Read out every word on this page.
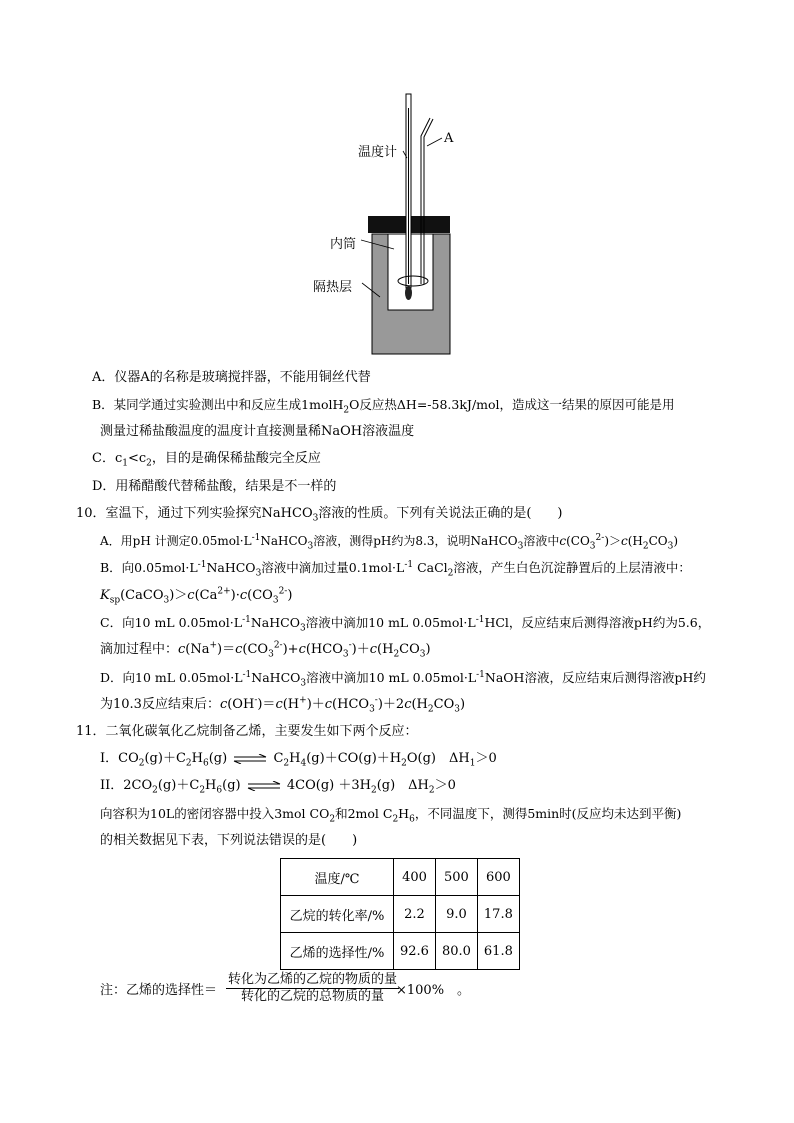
温度计
A
内筒
隔热层
A．仪器A的名称是玻璃搅拌器，不能用铜丝代替
B．某同学通过实验测出中和反应生成1molH$_2$O反应热ΔH=-58.3kJ/mol，造成这一结果的原因可能是用
测量过稀盐酸温度的温度计直接测量稀NaOH溶液温度
C．$c_1<c_2$，目的是确保稀盐酸完全反应
D．用稀醋酸代替稀盐酸，结果是不一样的
10．室温下，通过下列实验探究NaHCO$_3$溶液的性质。下列有关说法正确的是(　　)
A．用pH 计测定$0.05mol\cdot L^{-1}NaHCO_3$溶液，测得pH约为8.3，说明NaHCO$_3$溶液中$c(CO_3^{2-})>c(H_2CO_3)$
B．向$0.05mol\cdot L^{-1}NaHCO_3$溶液中滴加过量$0.1mol\cdot L^{-1}$ CaCl$_2$溶液，产生白色沉淀静置后的上层清液中：
$K_{sp}(CaCO_3)>c(Ca^{2+})\cdot c(CO_3^{2-})$
C．向10 mL $0.05mol\cdot L^{-1}NaHCO_3$溶液中滴加10 mL $0.05mol\cdot L^{-1}HCl$，反应结束后测得溶液pH约为5.6，
滴加过程中：$c(Na^+)=c(CO_3^{2-})+c(HCO_3^-)+c(H_2CO_3)$
D．向10 mL $0.05mol\cdot L^{-1}NaHCO_3$溶液中滴加10 mL $0.05mol\cdot L^{-1}NaOH$溶液，反应结束后测得溶液pH约
为10.3反应结束后：$c(OH^-)=c(H^+)+c(HCO_3^-)+2c(H_2CO_3)$
11．二氧化碳氧化乙烷制备乙烯，主要发生如下两个反应：
I．$CO_2(g)+C_2H_6(g)$ ⇌ $C_2H_4(g)+CO(g)+H_2O(g)$　$\Delta H_1>0$
II．$2CO_2(g)+C_2H_6(g)$ ⇌ $4CO(g) +3H_2(g)$　$\Delta H_2>0$
向容积为10L的密闭容器中投入3mol $CO_2$和2mol $C_2H_6$，不同温度下，测得5min时(反应均未达到平衡)
的相关数据见下表，下列说法错误的是(　　)
温度/℃	400	500	600
乙烷的转化率/%	2.2	9.0	17.8
乙烯的选择性/%	92.6	80.0	61.8
注：乙烯的选择性＝
转化为乙烯的乙烷的物质的量
转化的乙烷的总物质的量 ×100%　。
